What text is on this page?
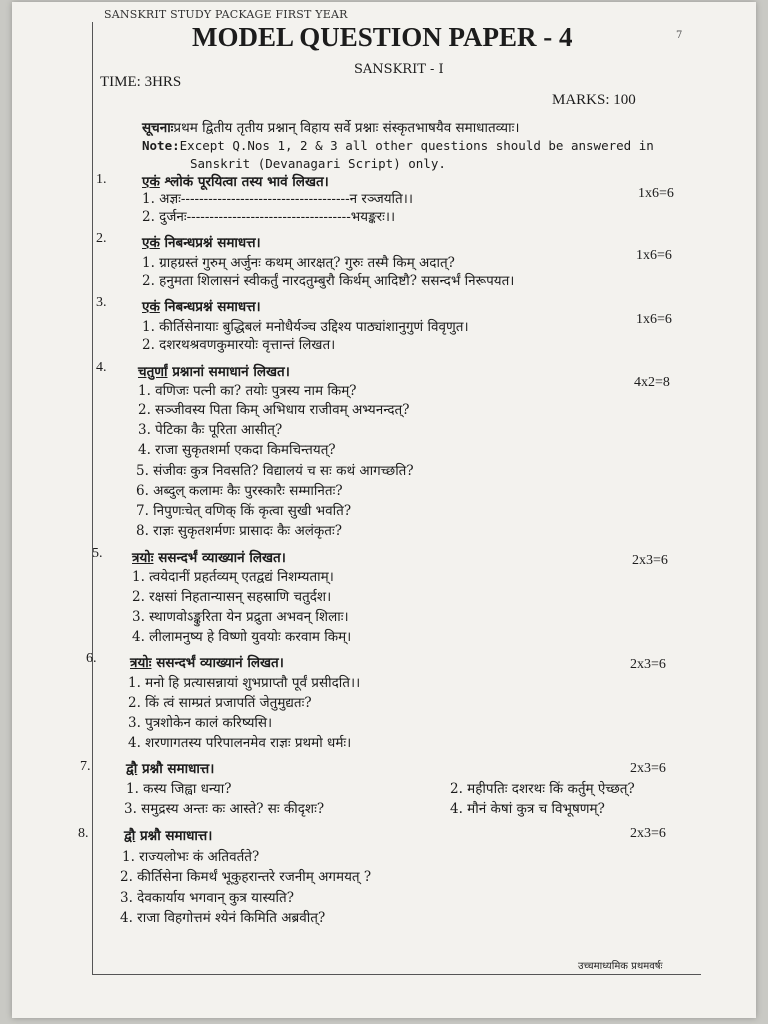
SANSKRIT STUDY PACKAGE FIRST YEAR
7
MODEL QUESTION PAPER - 4
SANSKRIT - I
TIME: 3HRS
MARKS: 100
सूचनाःप्रथम द्वितीय तृतीय प्रश्नान् विहाय सर्वे प्रश्नाः संस्कृतभाषयैव समाधातव्याः।
Note:Except Q.Nos 1, 2 & 3 all other questions should be answered in
Sanskrit (Devanagari Script) only.
1.	एकं श्लोकं पूरयित्वा तस्य भावं लिखत।
1x6=6
1. अज्ञः-------------------------------------न रञ्जयति।।
2. दुर्जनः------------------------------------भयङ्करः।।
2.	एकं निबन्धप्रश्नं समाधत्त।
1x6=6
1. ग्राहग्रस्तं गुरुम् अर्जुनः कथम् आरक्षत्? गुरुः तस्मै किम् अदात्?
2. हनुमता शिलासनं स्वीकर्तुं नारदतुम्बुरौ किर्थम् आदिष्टौ? ससन्दर्भं निरूपयत।
3.	एकं निबन्धप्रश्नं समाधत्त।
1x6=6
1. कीर्तिसेनायाः बुद्धिबलं मनोधैर्यञ्च उद्दिश्य पाठ्यांशानुगुणं विवृणुत।
2. दशरथश्रवणकुमारयोः वृत्तान्तं लिखत।
4. चतुर्णां प्रश्नानां समाधानं लिखत।
4x2=8
1. वणिजः पत्नी का? तयोः पुत्रस्य नाम किम्?
2. सञ्जीवस्य पिता किम् अभिधाय राजीवम् अभ्यनन्दत्?
3. पेटिका कैः पूरिता आसीत्?
4. राजा सुकृतशर्मा एकदा किमचिन्तयत्?
5. संजीवः कुत्र निवसति? विद्यालयं च सः कथं आगच्छति?
6. अब्दुल् कलामः कैः पुरस्कारैः सम्मानितः?
7. निपुणःचेत् वणिक् किं कृत्वा सुखी भवति?
8. राज्ञः सुकृतशर्मणः प्रासादः कैः अलंकृतः?
5. त्रयोः ससन्दर्भं व्याख्यानं लिखत।	2x3=6
1. त्वयेदानीं प्रहर्तव्यम् एतद्वद्यं निशम्यताम्।
2. रक्षसां निहतान्यासन् सहस्राणि चतुर्दश।
3. स्थाणवोऽङ्कुरिता येन प्रद्रुता अभवन् शिलाः।
4. लीलामनुष्य हे विष्णो युवयोः करवाम किम्।
6. त्रयोः ससन्दर्भं व्याख्यानं लिखत।	2x3=6
1. मनो हि प्रत्यासन्नायां शुभप्राप्तौ पूर्वं प्रसीदति।।
2. किं त्वं साम्प्रतं प्रजापतिं जेतुमुद्यतः?
3. पुत्रशोकेन कालं करिष्यसि।
4. शरणागतस्य परिपालनमेव राज्ञः प्रथमो धर्मः।
7.	द्वौ प्रश्नौ समाधात्त।	2x3=6
1. कस्य जिह्वा धन्या?	2. महीपतिः दशरथः किं कर्तुम् ऐच्छत्?
3. समुद्रस्य अन्तः कः आस्ते? सः कीदृशः?	4. मौनं केषां कुत्र च विभूषणम्?
8.	द्वौ प्रश्नौ समाधात्त।	2x3=6
1. राज्यलोभः कं अतिवर्तते?
2. कीर्तिसेना किमर्थं भूकुहरान्तरे रजनीम् अगमयत् ?
3. देवकार्याय भगवान् कुत्र यास्यति?
4. राजा विहगोत्तमं श्येनं किमिति अब्रवीत्?
उच्चमाध्यमिक प्रथमवर्षः
